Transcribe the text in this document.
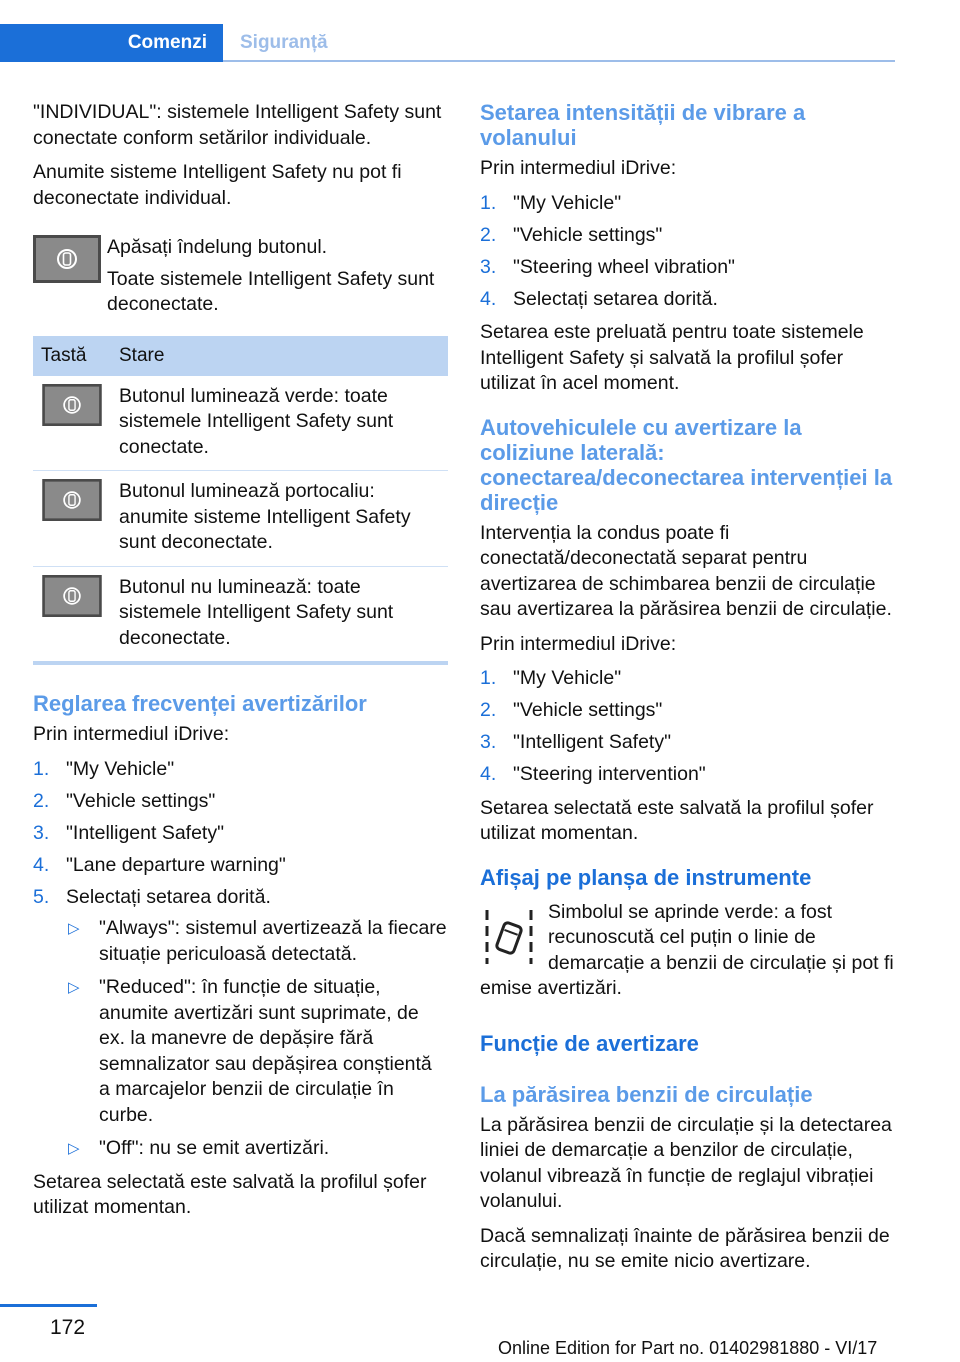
Comenzi	Siguranță

"INDIVIDUAL": sistemele Intelligent Safety sunt conectate conform setărilor individuale.

Anumite sisteme Intelligent Safety nu pot fi deconectate individual.

Apăsați îndelung butonul.

Toate sistemele Intelligent Safety sunt deconectate.

Tastă	Stare
	Butonul luminează verde: toate sistemele Intelligent Safety sunt conectate.
	Butonul luminează portocaliu: anumite sisteme Intelligent Safety sunt deconectate.
	Butonul nu luminează: toate sistemele Intelligent Safety sunt deconectate.
Reglarea frecvenței avertizărilor

Prin intermediul iDrive:

1. "My Vehicle"
2. "Vehicle settings"
3. "Intelligent Safety"
4. "Lane departure warning"
5. Selectați setarea dorită.
▷ "Always": sistemul avertizează la fiecare situație periculoasă detectată.
▷ "Reduced": în funcție de situație, anumite avertizări sunt suprimate, de ex. la manevre de depășire fără semnalizator sau depășirea conștientă a marcajelor benzii de circulație în curbe.
▷ "Off": nu se emit avertizări.

Setarea selectată este salvată la profilul șofer utilizat momentan.

Setarea intensității de vibrare a volanului

Prin intermediul iDrive:

1. "My Vehicle"
2. "Vehicle settings"
3. "Steering wheel vibration"
4. Selectați setarea dorită.

Setarea este preluată pentru toate sistemele Intelligent Safety și salvată la profilul șofer utilizat în acel moment.

Autovehiculele cu avertizare la coliziune laterală: conectarea/deconectarea intervenției la direcție

Intervenția la condus poate fi conectată/deconectată separat pentru avertizarea de schimbarea benzii de circulație sau avertizarea la părăsirea benzii de circulație.

Prin intermediul iDrive:

1. "My Vehicle"
2. "Vehicle settings"
3. "Intelligent Safety"
4. "Steering intervention"

Setarea selectată este salvată la profilul șofer utilizat momentan.

Afișaj pe planșa de instrumente

Simbolul se aprinde verde: a fost recunoscută cel puțin o linie de demarcație a benzii de circulație și pot fi emise avertizări.

Funcție de avertizare
La părăsirea benzii de circulație

La părăsirea benzii de circulație și la detectarea liniei de demarcație a benzilor de circulație, volanul vibrează în funcție de reglajul vibrației volanului.

Dacă semnalizați înainte de părăsirea benzii de circulație, nu se emite nicio avertizare.

172
Online Edition for Part no. 01402981880 - VI/17
